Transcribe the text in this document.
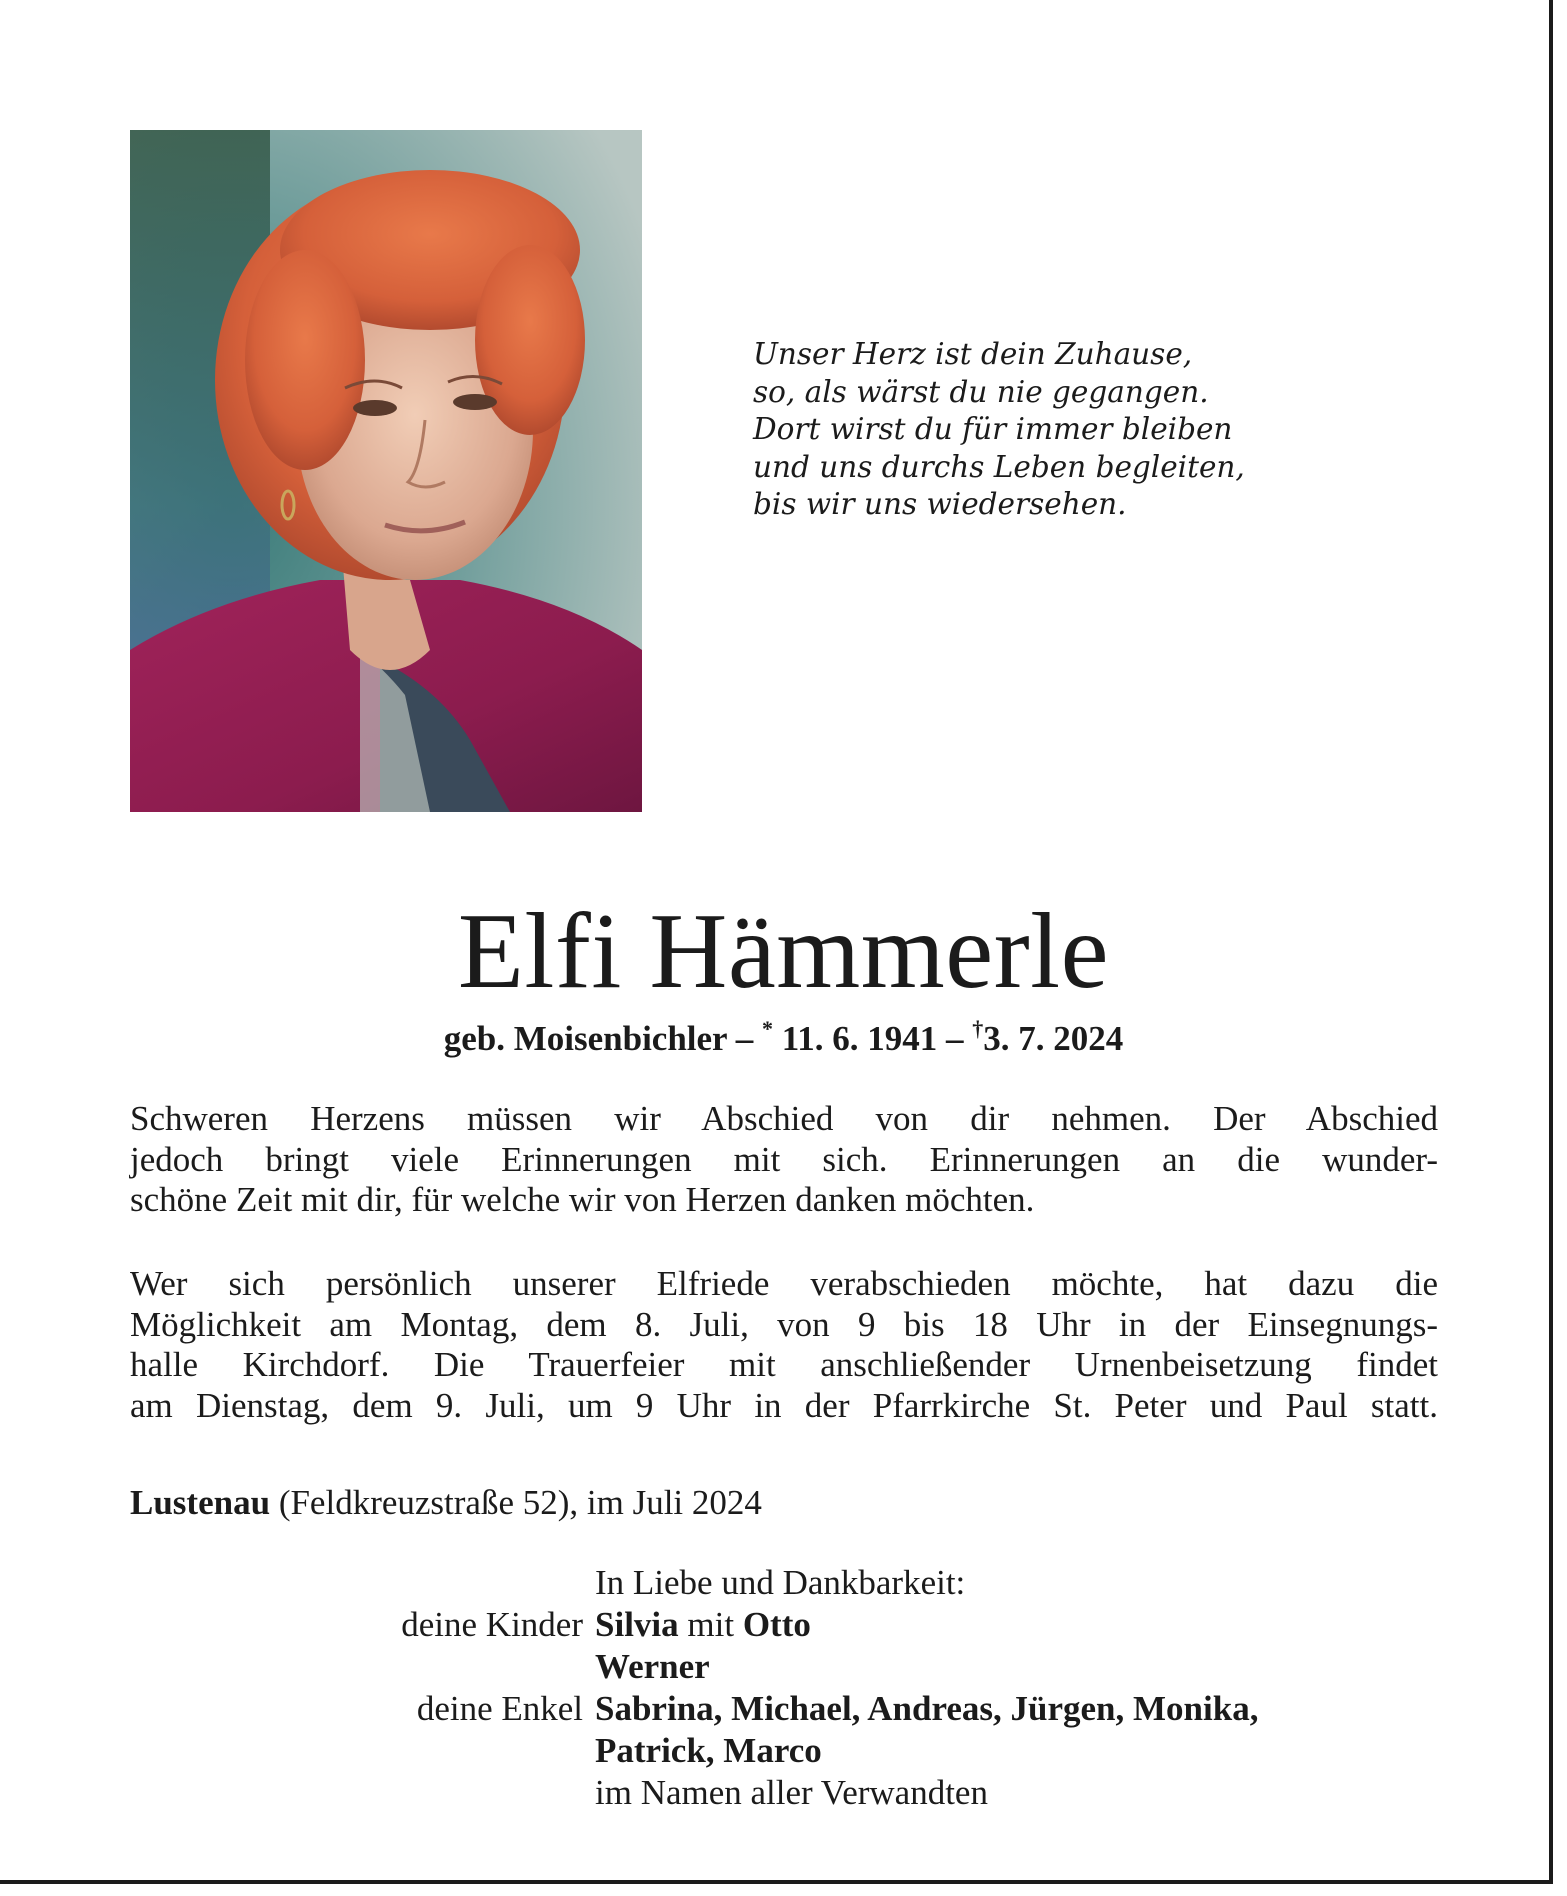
Unser Herz ist dein Zuhause,
so, als wärst du nie gegangen.
Dort wirst du für immer bleiben
und uns durchs Leben begleiten,
bis wir uns wiedersehen.
Elfi Hämmerle
geb. Moisenbichler – * 11. 6. 1941 – †3. 7. 2024
Schweren Herzens müssen wir Abschied von dir nehmen. Der Abschied
jedoch bringt viele Erinnerungen mit sich. Erinnerungen an die wunder-
schöne Zeit mit dir, für welche wir von Herzen danken möchten.
Wer sich persönlich unserer Elfriede verabschieden möchte, hat dazu die
Möglichkeit am Montag, dem 8. Juli, von 9 bis 18 Uhr in der Einsegnungs-
halle Kirchdorf. Die Trauerfeier mit anschließender Urnenbeisetzung findet
am Dienstag, dem 9. Juli, um 9 Uhr in der Pfarrkirche St. Peter und Paul statt.
Lustenau (Feldkreuzstraße 52), im Juli 2024
In Liebe und Dankbarkeit:
deine Kinder Silvia mit Otto
Werner
deine Enkel Sabrina, Michael, Andreas, Jürgen, Monika,
Patrick, Marco
im Namen aller Verwandten
